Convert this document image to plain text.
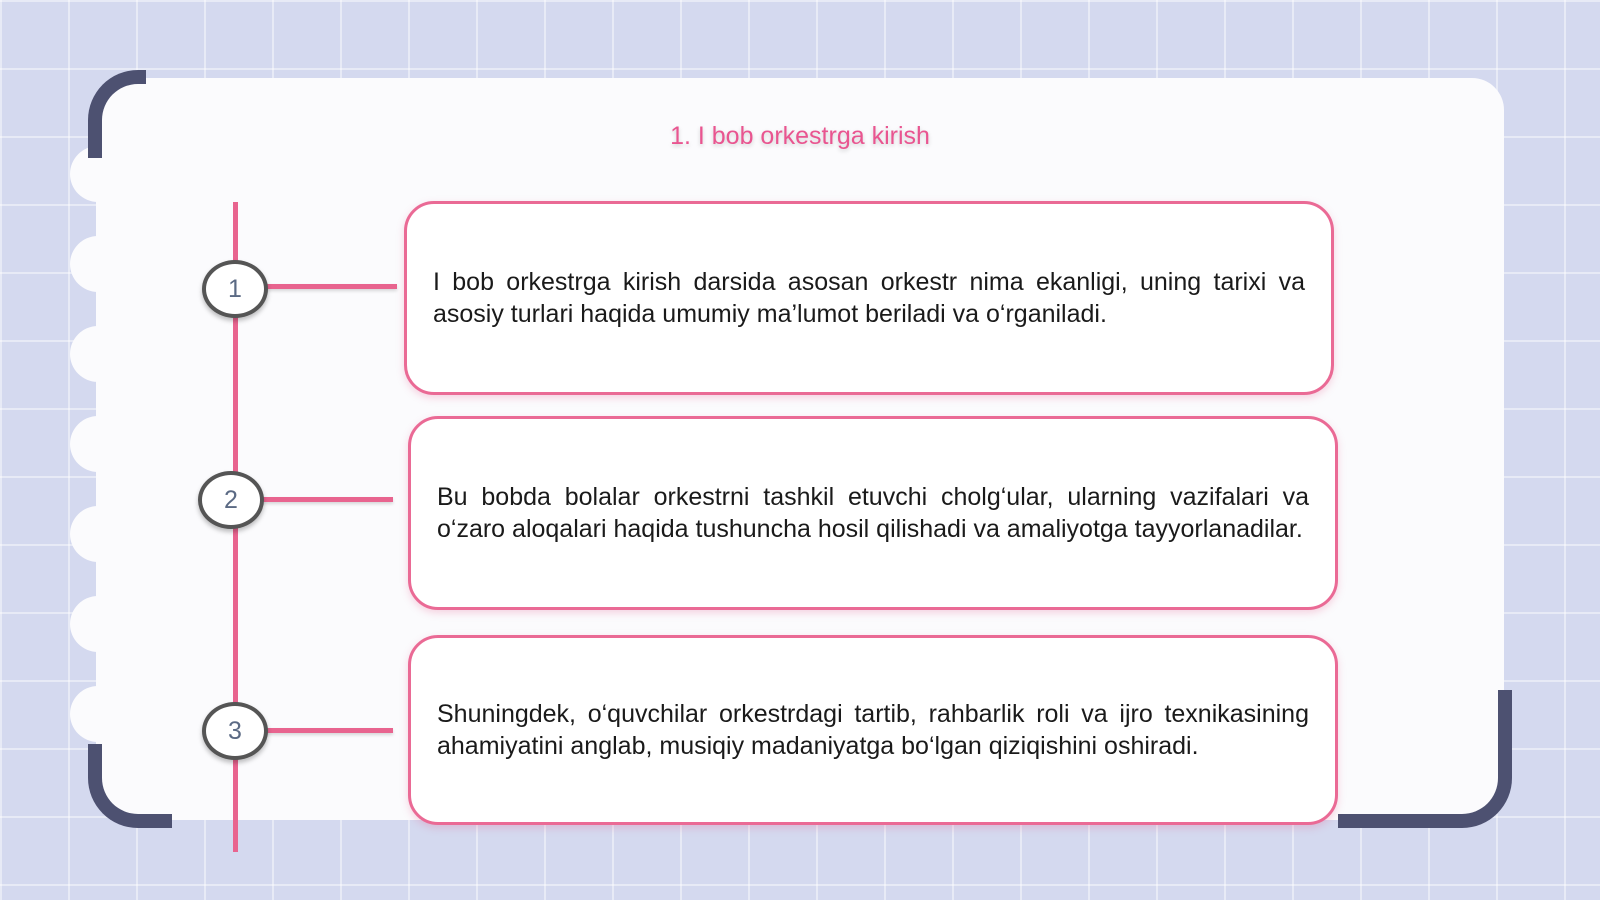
1. I bob orkestrga kirish
1
2
3
I bob orkestrga kirish darsida asosan orkestr nima ekanligi, uning tarixi va asosiy turlari haqida umumiy ma’lumot beriladi va o‘rganiladi.
Bu bobda bolalar orkestrni tashkil etuvchi cholg‘ular, ularning vazifalari va o‘zaro aloqalari haqida tushuncha hosil qilishadi va amaliyotga tayyorlanadilar.
Shuningdek, o‘quvchilar orkestrdagi tartib, rahbarlik roli va ijro texnikasining ahamiyatini anglab, musiqiy madaniyatga bo‘lgan qiziqishini oshiradi.
